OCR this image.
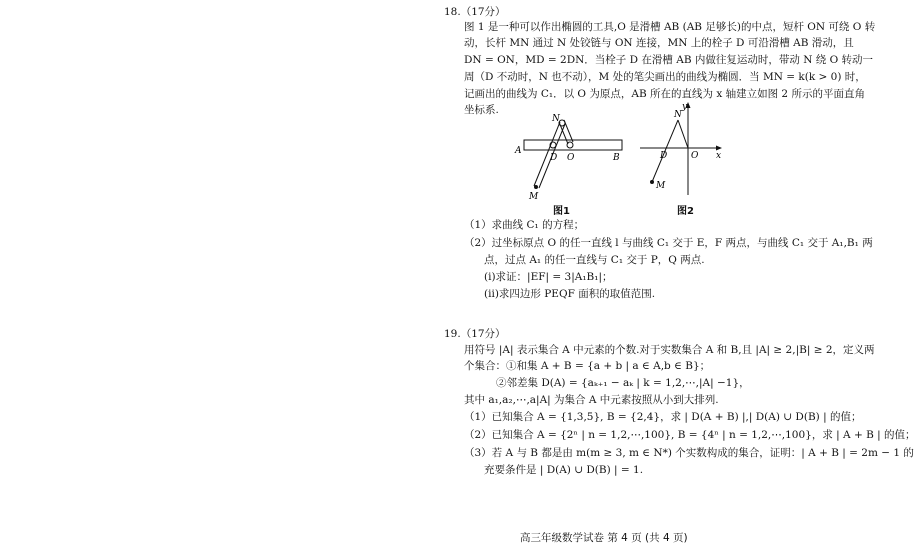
18.（17分）
图 1 是一种可以作出椭圆的工具,O 是滑槽 AB (AB 足够长)的中点，短杆 ON 可绕 O 转
动，长杆 MN 通过 N 处铰链与 ON 连接，MN 上的栓子 D 可沿滑槽 AB 滑动，且
DN = ON，MD = 2DN．当栓子 D 在滑槽 AB 内做往复运动时，带动 N 绕 O 转动一
周（D 不动时，N 也不动），M 处的笔尖画出的曲线为椭圆．当 MN = k(k > 0) 时，
记画出的曲线为 C₁．以 O 为原点，AB 所在的直线为 x 轴建立如图 2 所示的平面直角
坐标系.
N
A
D O	B
M
图1
y
N
D	O x
M
图2
（1）求曲线 C₁ 的方程；
（2）过坐标原点 O 的任一直线 l 与曲线 C₁ 交于 E，F 两点，与曲线 C₁ 交于 A₁,B₁ 两
点，过点 A₁ 的任一直线与 C₁ 交于 P，Q 两点.
(i)求证：|EF| = 3|A₁B₁|；
(ii)求四边形 PEQF 面积的取值范围.
19.（17分）
用符号 |A| 表示集合 A 中元素的个数.对于实数集合 A 和 B,且 |A| ≥ 2,|B| ≥ 2，定义两
个集合：①和集 A + B = {a + b | a ∈ A,b ∈ B}；
②邻差集 D(A) = {aₖ₊₁ − aₖ | k = 1,2,⋯,|A| −1}，
其中 a₁,a₂,⋯,a|A| 为集合 A 中元素按照从小到大排列.
（1）已知集合 A = {1,3,5}, B = {2,4}，求 | D(A + B) |,| D(A) ∪ D(B) | 的值；
（2）已知集合 A = {2ⁿ | n = 1,2,⋯,100}, B = {4ⁿ | n = 1,2,⋯,100}，求 | A + B | 的值；
（3）若 A 与 B 都是由 m(m ≥ 3, m ∈ N*) 个实数构成的集合，证明：| A + B | = 2m − 1 的
充要条件是 | D(A) ∪ D(B) | = 1.
高三年级数学试卷 第 4 页 (共 4 页)
